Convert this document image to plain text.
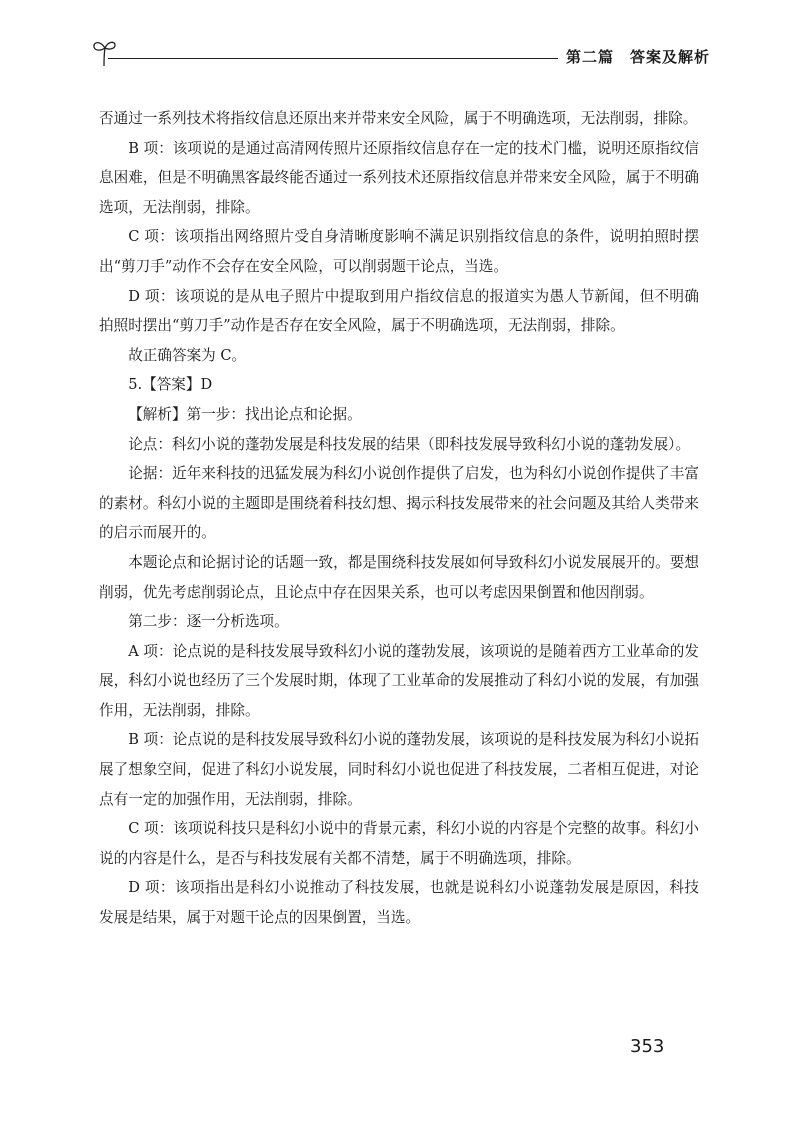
第二篇　答案及解析

否通过一系列技术将指纹信息还原出来并带来安全风险，属于不明确选项，无法削弱，排除。

B 项：该项说的是通过高清网传照片还原指纹信息存在一定的技术门槛，说明还原指纹信息困难，但是不明确黑客最终能否通过一系列技术还原指纹信息并带来安全风险，属于不明确选项，无法削弱，排除。

C 项：该项指出网络照片受自身清晰度影响不满足识别指纹信息的条件，说明拍照时摆出“剪刀手”动作不会存在安全风险，可以削弱题干论点，当选。

D 项：该项说的是从电子照片中提取到用户指纹信息的报道实为愚人节新闻，但不明确拍照时摆出“剪刀手”动作是否存在安全风险，属于不明确选项，无法削弱，排除。

故正确答案为 C。

5.【答案】D

【解析】第一步：找出论点和论据。

论点：科幻小说的蓬勃发展是科技发展的结果（即科技发展导致科幻小说的蓬勃发展）。

论据：近年来科技的迅猛发展为科幻小说创作提供了启发，也为科幻小说创作提供了丰富的素材。科幻小说的主题即是围绕着科技幻想、揭示科技发展带来的社会问题及其给人类带来的启示而展开的。

本题论点和论据讨论的话题一致，都是围绕科技发展如何导致科幻小说发展展开的。要想削弱，优先考虑削弱论点，且论点中存在因果关系，也可以考虑因果倒置和他因削弱。

第二步：逐一分析选项。

A 项：论点说的是科技发展导致科幻小说的蓬勃发展，该项说的是随着西方工业革命的发展，科幻小说也经历了三个发展时期，体现了工业革命的发展推动了科幻小说的发展，有加强作用，无法削弱，排除。

B 项：论点说的是科技发展导致科幻小说的蓬勃发展，该项说的是科技发展为科幻小说拓展了想象空间，促进了科幻小说发展，同时科幻小说也促进了科技发展，二者相互促进，对论点有一定的加强作用，无法削弱，排除。

C 项：该项说科技只是科幻小说中的背景元素，科幻小说的内容是个完整的故事。科幻小说的内容是什么，是否与科技发展有关都不清楚，属于不明确选项，排除。

D 项：该项指出是科幻小说推动了科技发展，也就是说科幻小说蓬勃发展是原因，科技发展是结果，属于对题干论点的因果倒置，当选。

353
